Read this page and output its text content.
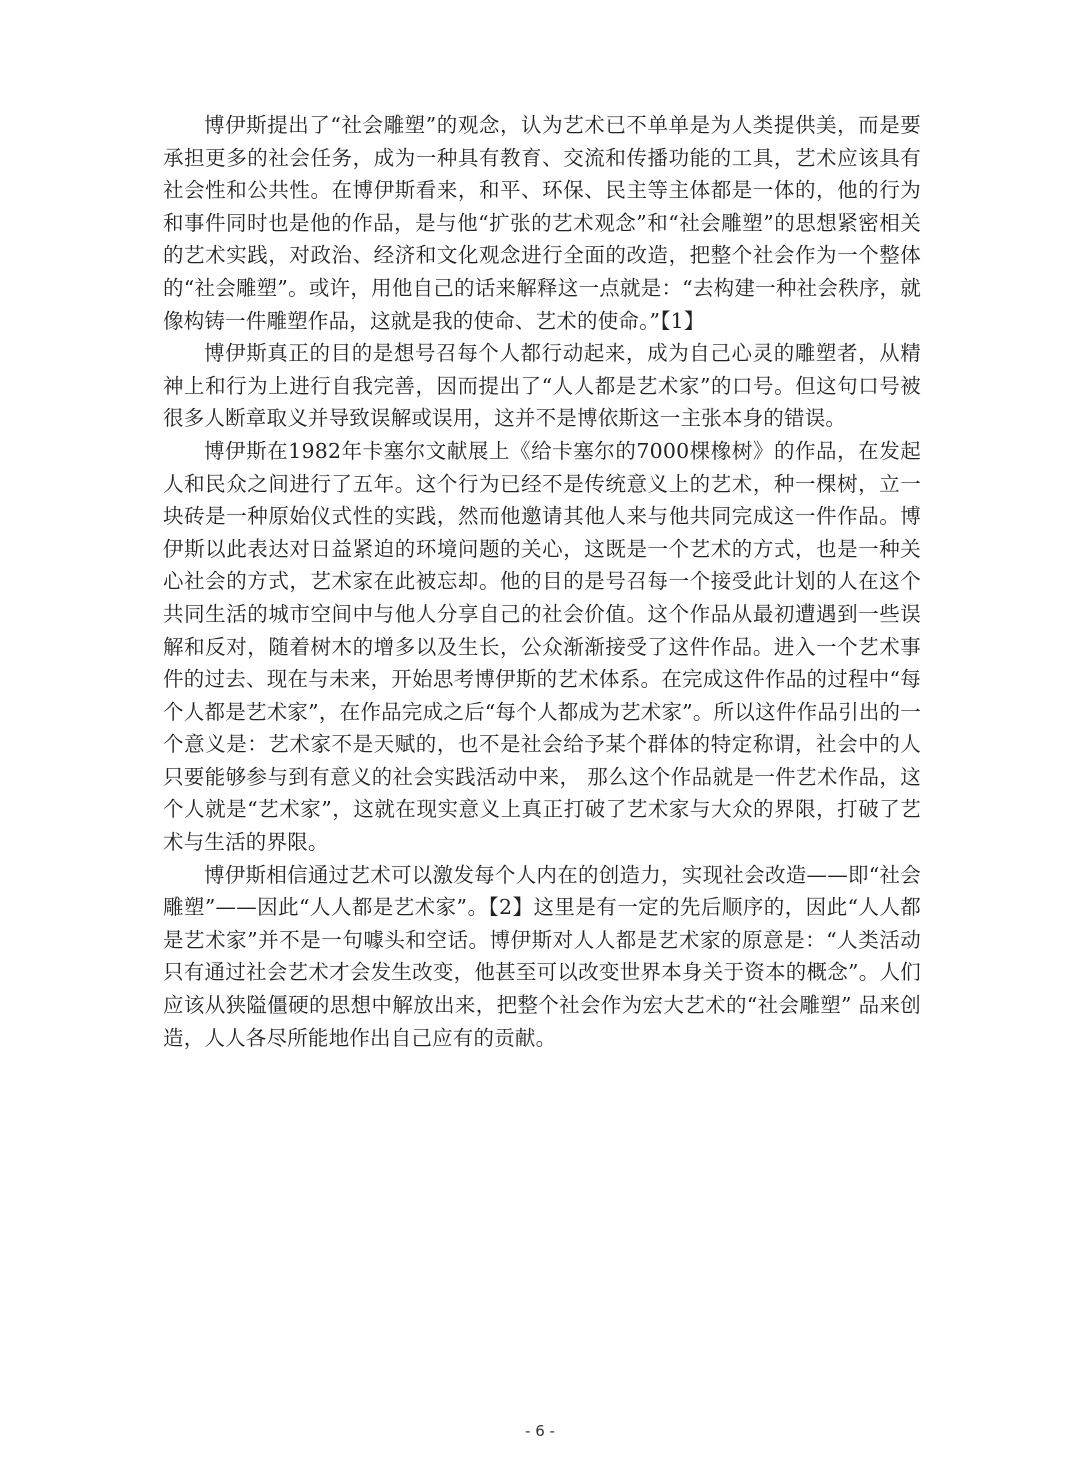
博伊斯提出了“社会雕塑”的观念，认为艺术已不单单是为人类提供美，而是要承担更多的社会任务，成为一种具有教育、交流和传播功能的工具，艺术应该具有社会性和公共性。在博伊斯看来，和平、环保、民主等主体都是一体的，他的行为和事件同时也是他的作品，是与他“扩张的艺术观念”和“社会雕塑”的思想紧密相关的艺术实践，对政治、经济和文化观念进行全面的改造，把整个社会作为一个整体的“社会雕塑”。或许，用他自己的话来解释这一点就是：“去构建一种社会秩序，就像构铸一件雕塑作品，这就是我的使命、艺术的使命。”【1】

博伊斯真正的目的是想号召每个人都行动起来，成为自己心灵的雕塑者，从精神上和行为上进行自我完善，因而提出了“人人都是艺术家”的口号。但这句口号被很多人断章取义并导致误解或误用，这并不是博依斯这一主张本身的错误。

博伊斯在1982年卡塞尔文献展上《给卡塞尔的7000棵橡树》的作品，在发起人和民众之间进行了五年。这个行为已经不是传统意义上的艺术，种一棵树，立一块砖是一种原始仪式性的实践，然而他邀请其他人来与他共同完成这一件作品。博伊斯以此表达对日益紧迫的环境问题的关心，这既是一个艺术的方式，也是一种关心社会的方式，艺术家在此被忘却。他的目的是号召每一个接受此计划的人在这个共同生活的城市空间中与他人分享自己的社会价值。这个作品从最初遭遇到一些误解和反对，随着树木的增多以及生长，公众渐渐接受了这件作品。进入一个艺术事件的过去、现在与未来，开始思考博伊斯的艺术体系。在完成这件作品的过程中“每个人都是艺术家”，在作品完成之后“每个人都成为艺术家”。所以这件作品引出的一个意义是：艺术家不是天赋的，也不是社会给予某个群体的特定称谓，社会中的人只要能够参与到有意义的社会实践活动中来， 那么这个作品就是一件艺术作品，这个人就是“艺术家”，这就在现实意义上真正打破了艺术家与大众的界限，打破了艺术与生活的界限。

博伊斯相信通过艺术可以激发每个人内在的创造力，实现社会改造——即“社会雕塑”——因此“人人都是艺术家”。【2】这里是有一定的先后顺序的，因此“人人都是艺术家”并不是一句噱头和空话。博伊斯对人人都是艺术家的原意是：“人类活动只有通过社会艺术才会发生改变，他甚至可以改变世界本身关于资本的概念”。人们应该从狭隘僵硬的思想中解放出来，把整个社会作为宏大艺术的“社会雕塑” 品来创造，人人各尽所能地作出自己应有的贡献。

- 6 -
